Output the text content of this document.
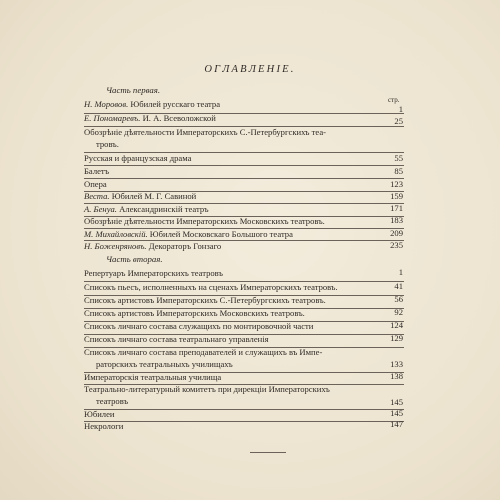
ОГЛАВЛЕНІЕ.
Часть первая.
стр.
Н. Моровов. Юбилей русскаго театра	1
Е. Пономаревъ. И. А. Всеволожской	25
Обозрѣніе дѣятельности Императорскихъ С.-Петербургскихъ теа-
тровъ.
Русская и французская драма	55
Балетъ	85
Опера	123
Веста. Юбилей М. Г. Савиной	159
А. Бенуа. Александринскій театръ	171
Обозрѣніе дѣятельности Императорскихъ Московскихъ театровъ.	183
М. Михайловскій. Юбилей Московскаго Большого театра	209
Н. Боженряновъ. Декораторъ Гонзаго	235
Часть вторая.
Репертуаръ Императорскихъ театровъ	1
Списокъ пьесъ, исполненныхъ на сценахъ Императорскихъ театровъ.	41
Списокъ артистовъ Императорскихъ С.-Петербургскихъ театровъ.	56
Списокъ артистовъ Императорскихъ Московскихъ театровъ.	92
Списокъ личнаго состава служащихъ по монтировочной части	124
Списокъ личнаго состава театральнаго управленія	129
Списокъ личнаго состава преподавателей и служащихъ въ Импе-
раторскихъ театральныхъ училищахъ	133
Императорскія театральныя училища	138
Театрально-литературный комитетъ при дирекціи Императорскихъ
театровъ	145
Юбилеи	145
Некрологи	147
